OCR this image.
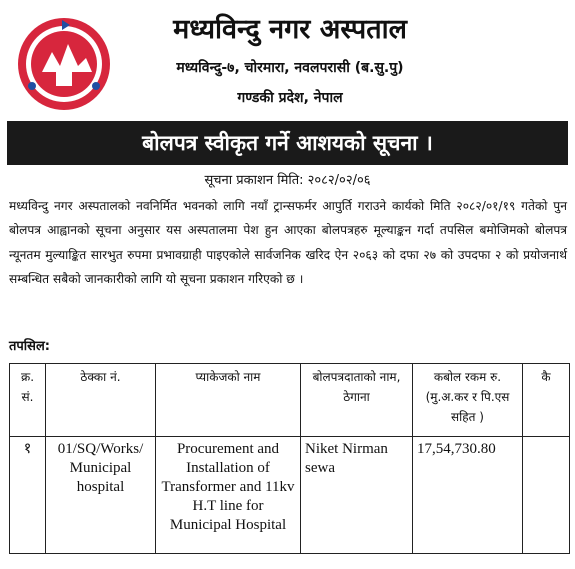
मध्यविन्दु नगर अस्पताल
मध्यविन्दु-७, चोरमारा, नवलपरासी (ब.सु.पु)
गण्डकी प्रदेश, नेपाल
बोलपत्र स्वीकृत गर्ने आशयको सूचना ।
सूचना प्रकाशन मिति: २०८२/०२/०६

मध्यविन्दु नगर अस्पतालको नवनिर्मित भवनको लागि नयाँ ट्रान्सफर्मर आपुर्ति गराउने कार्यको मिति २०८२/०१/१९ गतेको पुन बोलपत्र आह्वानको सूचना अनुसार यस अस्पतालमा पेश हुन आएका बोलपत्रहरु मूल्याङ्कन गर्दा तपसिल बमोजिमको बोलपत्र न्यूनतम मुल्याङ्कित सारभुत रुपमा प्रभावग्राही पाइएकोले सार्वजनिक खरिद ऐन २०६३ को दफा २७ को उपदफा २ को प्रयोजनार्थ सम्बन्धित सबैको जानकारीको लागि यो सूचना प्रकाशन गरिएको छ ।

तपसिल:
क्र. सं.	ठेक्का नं.	प्याकेजको नाम	बोलपत्रदाताको नाम, ठेगाना	कबोल रकम रु. (मु.अ.कर र पि.एस सहित )	कै
१	01/SQ/Works/ Municipal hospital	Procurement and Installation of Transformer and 11kv H.T line for Municipal Hospital	Niket Nirman sewa	17,54,730.80	
